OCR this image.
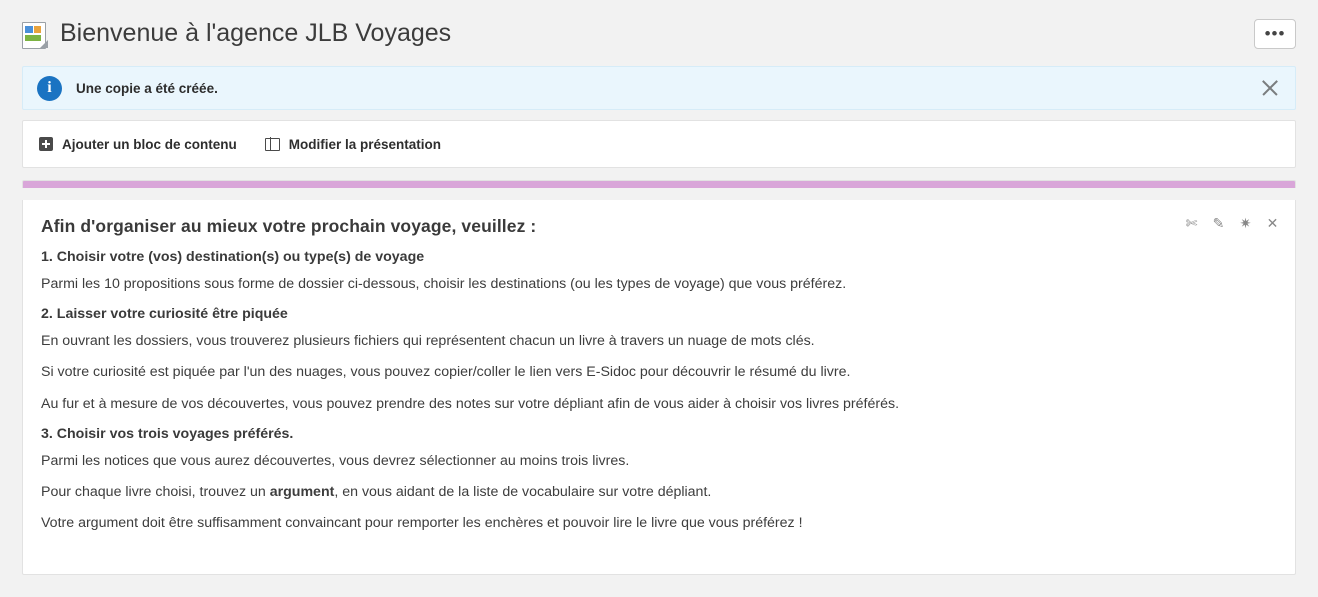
Bienvenue à l'agence JLB Voyages	•••
i	Une copie a été créée.
Ajouter un bloc de contenu	Modifier la présentation
✄ ✎ ✷ ✕
Afin d'organiser au mieux votre prochain voyage, veuillez :
1. Choisir votre (vos) destination(s) ou type(s) de voyage

Parmi les 10 propositions sous forme de dossier ci-dessous, choisir les destinations (ou les types de voyage) que vous préférez.

2. Laisser votre curiosité être piquée

En ouvrant les dossiers, vous trouverez plusieurs fichiers qui représentent chacun un livre à travers un nuage de mots clés.

Si votre curiosité est piquée par l'un des nuages, vous pouvez copier/coller le lien vers E-Sidoc pour découvrir le résumé du livre.

Au fur et à mesure de vos découvertes, vous pouvez prendre des notes sur votre dépliant afin de vous aider à choisir vos livres préférés.

3. Choisir vos trois voyages préférés.

Parmi les notices que vous aurez découvertes, vous devrez sélectionner au moins trois livres.

Pour chaque livre choisi, trouvez un argument, en vous aidant de la liste de vocabulaire sur votre dépliant.

Votre argument doit être suffisamment convaincant pour remporter les enchères et pouvoir lire le livre que vous préférez !
